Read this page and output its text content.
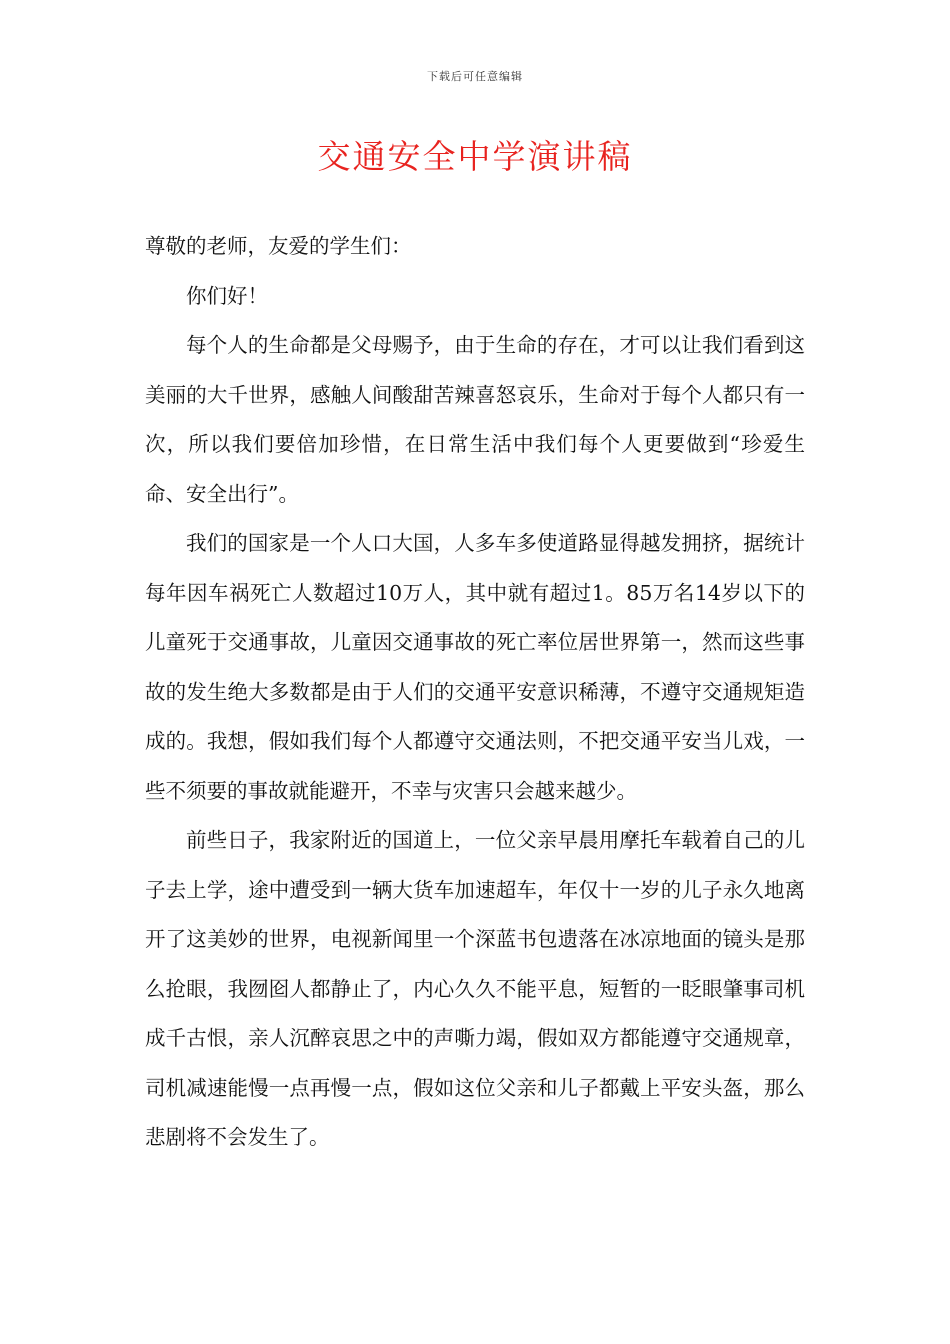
下载后可任意编辑
交通安全中学演讲稿

尊敬的老师，友爱的学生们：

你们好！

每个人的生命都是父母赐予，由于生命的存在，才可以让我们看到这美丽的大千世界，感触人间酸甜苦辣喜怒哀乐，生命对于每个人都只有一次，所以我们要倍加珍惜，在日常生活中我们每个人更要做到“珍爱生命、安全出行”。

我们的国家是一个人口大国，人多车多使道路显得越发拥挤，据统计每年因车祸死亡人数超过10万人，其中就有超过1。85万名14岁以下的儿童死于交通事故，儿童因交通事故的死亡率位居世界第一，然而这些事故的发生绝大多数都是由于人们的交通平安意识稀薄，不遵守交通规矩造成的。我想，假如我们每个人都遵守交通法则，不把交通平安当儿戏，一些不须要的事故就能避开，不幸与灾害只会越来越少。

前些日子，我家附近的国道上，一位父亲早晨用摩托车载着自己的儿子去上学，途中遭受到一辆大货车加速超车，年仅十一岁的儿子永久地离开了这美妙的世界，电视新闻里一个深蓝书包遗落在冰凉地面的镜头是那么抢眼，我囫囵人都静止了，内心久久不能平息，短暂的一眨眼肇事司机成千古恨，亲人沉醉哀思之中的声嘶力竭，假如双方都能遵守交通规章，司机减速能慢一点再慢一点，假如这位父亲和儿子都戴上平安头盔，那么悲剧将不会发生了。
